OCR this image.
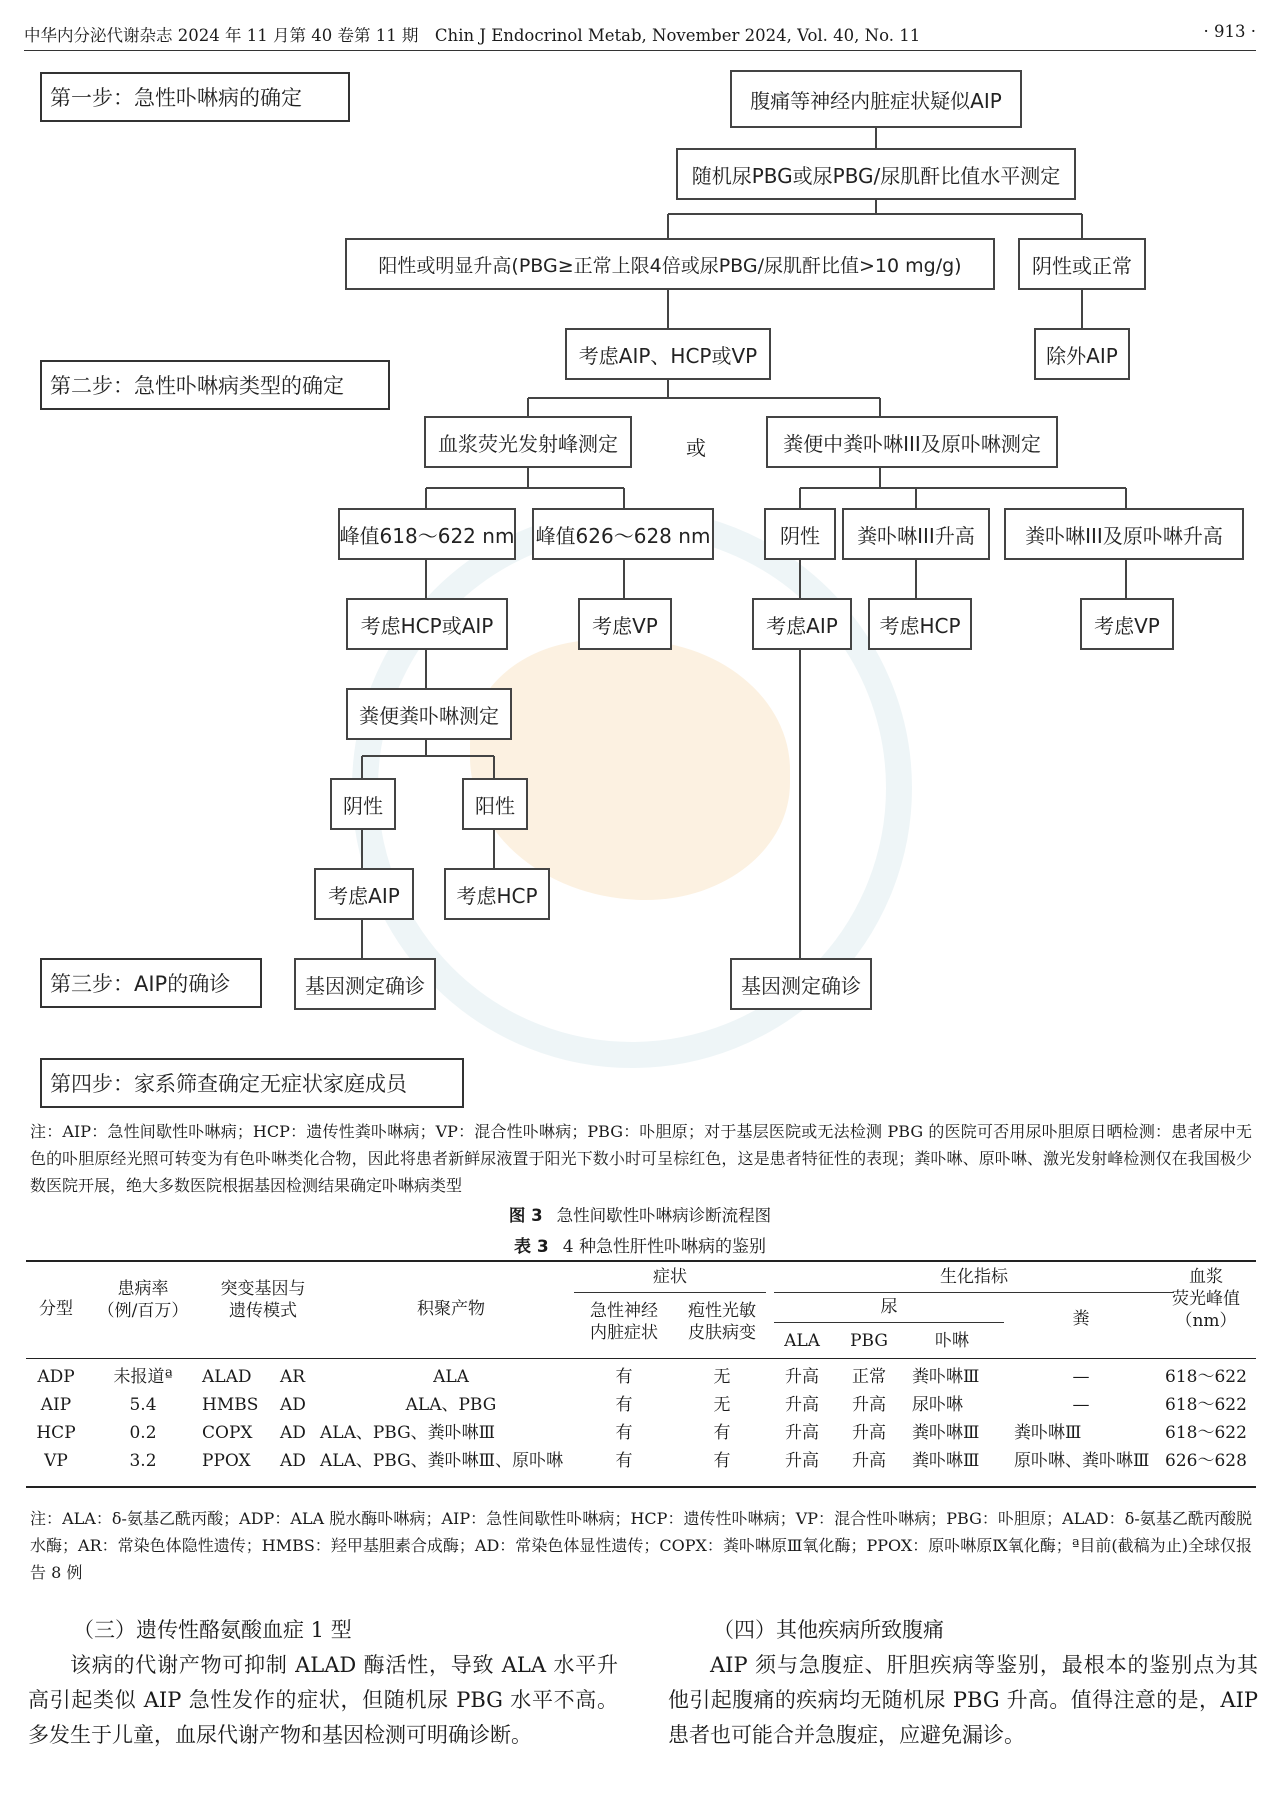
中华内分泌代谢杂志 2024 年 11 月第 40 卷第 11 期　Chin J Endocrinol Metab, November 2024, Vol. 40, No. 11	· 913 ·
第一步：急性卟啉病的确定
第二步：急性卟啉病类型的确定
第三步：AIP的确诊
第四步：家系筛查确定无症状家庭成员
腹痛等神经内脏症状疑似AIP
随机尿PBG或尿PBG/尿肌酐比值水平测定
阳性或明显升高(PBG≥正常上限4倍或尿PBG/尿肌酐比值>10 mg/g)	阴性或正常
考虑AIP、HCP或VP	除外AIP
血浆荧光发射峰测定	或	粪便中粪卟啉III及原卟啉测定
峰值618～622 nm 峰值626～628 nm	阴性	粪卟啉III升高	粪卟啉III及原卟啉升高
考虑HCP或AIP	考虑VP	考虑AIP	考虑HCP	考虑VP
粪便粪卟啉测定
阴性	阳性
考虑AIP	考虑HCP
基因测定确诊	基因测定确诊
注：AIP：急性间歇性卟啉病；HCP：遗传性粪卟啉病；VP：混合性卟啉病；PBG：卟胆原；对于基层医院或无法检测 PBG 的医院可否用尿卟胆原日晒检测：患者尿中无色的卟胆原经光照可转变为有色卟啉类化合物，因此将患者新鲜尿液置于阳光下数小时可呈棕红色，这是患者特征性的表现；粪卟啉、原卟啉、激光发射峰检测仅在我国极少数医院开展，绝大多数医院根据基因检测结果确定卟啉病类型
图 3 急性间歇性卟啉病诊断流程图
表 3 4 种急性肝性卟啉病的鉴别
分型
患病率
（例/百万）
突变基因与
遗传模式	积聚产物
症状
急性神经
内脏症状
疱性光敏
皮肤病变
生化指标
尿
ALA	PBG	卟啉
粪
血浆
荧光峰值
（nm）
ADP	未报道ª	ALAD	AR	ALA	有	无	升高	正常	粪卟啉Ⅲ	—	618～622
AIP	5.4	HMBS	AD	ALA、PBG	有	无	升高	升高	尿卟啉	—	618～622
HCP	0.2	COPX	AD ALA、PBG、粪卟啉Ⅲ	有	有	升高	升高	粪卟啉Ⅲ	粪卟啉Ⅲ	618～622
VP	3.2	PPOX	AD ALA、PBG、粪卟啉Ⅲ、原卟啉	有	有	升高	升高	粪卟啉Ⅲ	原卟啉、粪卟啉Ⅲ 626～628
注：ALA：δ-氨基乙酰丙酸；ADP：ALA 脱水酶卟啉病；AIP：急性间歇性卟啉病；HCP：遗传性卟啉病；VP：混合性卟啉病；PBG：卟胆原；ALAD：δ-氨基乙酰丙酸脱水酶；AR：常染色体隐性遗传；HMBS：羟甲基胆素合成酶；AD：常染色体显性遗传；COPX：粪卟啉原Ⅲ氧化酶；PPOX：原卟啉原Ⅸ氧化酶；ª目前(截稿为止)全球仅报告 8 例
（三）遗传性酪氨酸血症 1 型

该病的代谢产物可抑制 ALAD 酶活性，导致 ALA 水平升高引起类似 AIP 急性发作的症状，但随机尿 PBG 水平不高。多发生于儿童，血尿代谢产物和基因检测可明确诊断。

（四）其他疾病所致腹痛

AIP 须与急腹症、肝胆疾病等鉴别，最根本的鉴别点为其他引起腹痛的疾病均无随机尿 PBG 升高。值得注意的是，AIP 患者也可能合并急腹症，应避免漏诊。
